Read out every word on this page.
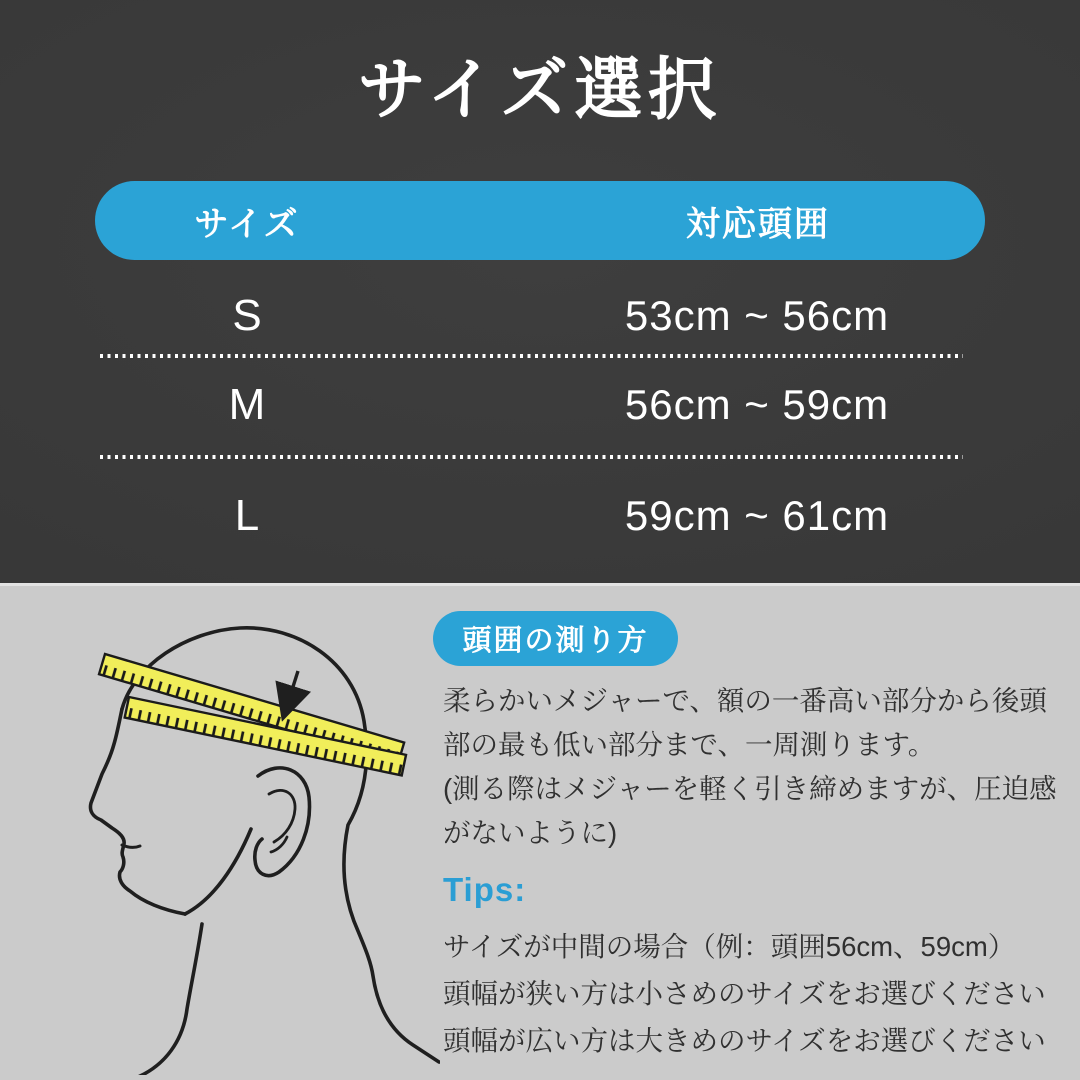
サイズ選択
サイズ	対応頭囲
S	53cm ~ 56cm
M	56cm ~ 59cm
L	59cm ~ 61cm
頭囲の測り方

柔らかいメジャーで、額の一番高い部分から後頭部の最も低い部分まで、一周測ります。
(測る際はメジャーを軽く引き締めますが、圧迫感がないように)

Tips:
サイズが中間の場合（例：頭囲56cm、59cm）
頭幅が狭い方は小さめのサイズをお選びください
頭幅が広い方は大きめのサイズをお選びください
